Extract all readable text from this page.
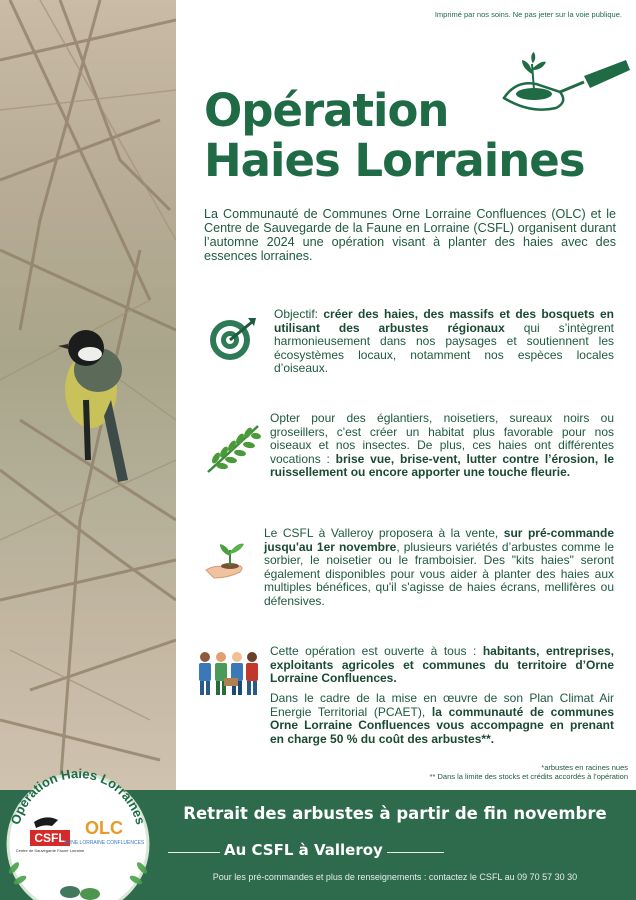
Imprimé par nos soins. Ne pas jeter sur la voie publique.
Opération
Haies Lorraines
La Communauté de Communes Orne Lorraine Confluences (OLC) et le Centre de Sauvegarde de la Faune en Lorraine (CSFL) organisent durant l’automne 2024 une opération visant à planter des haies avec des essences lorraines.
Objectif: créer des haies, des massifs et des bosquets en utilisant des arbustes régionaux qui s’intègrent harmonieusement dans nos paysages et soutiennent les écosystèmes locaux, notamment nos espèces locales d’oiseaux.
Opter pour des églantiers, noisetiers, sureaux noirs ou groseillers, c'est créer un habitat plus favorable pour nos oiseaux et nos insectes. De plus, ces haies ont différentes vocations : brise vue, brise-vent, lutter contre l’érosion, le ruissellement ou encore apporter une touche fleurie.
Le CSFL à Valleroy proposera à la vente, sur pré-commande jusqu'au 1er novembre, plusieurs variétés d’arbustes comme le sorbier, le noisetier ou le framboisier. Des "kits haies" seront également disponibles pour vous aider à planter des haies aux multiples bénéfices, qu'il s'agisse de haies écrans, mellifères ou défensives.
Cette opération est ouverte à tous : habitants, entreprises, exploitants agricoles et communes du territoire d’Orne Lorraine Confluences.
Dans le cadre de la mise en œuvre de son Plan Climat Air Energie Territorial (PCAET), la communauté de communes Orne Lorraine Confluences vous accompagne en prenant en charge 50 % du coût des arbustes**.
*arbustes en racines nues
** Dans la limite des stocks et crédits accordés à l’opération
Retrait des arbustes à partir de fin novembre
Au CSFL à Valleroy
Pour les pré-commandes et plus de renseignements : contactez le CSFL au 09 70 57 30 30
Opération Haies Lorraines
CSFL
Centre de Sauvegarde Faune Lorraine
OLC
ORNE LORRAINE CONFLUENCES
